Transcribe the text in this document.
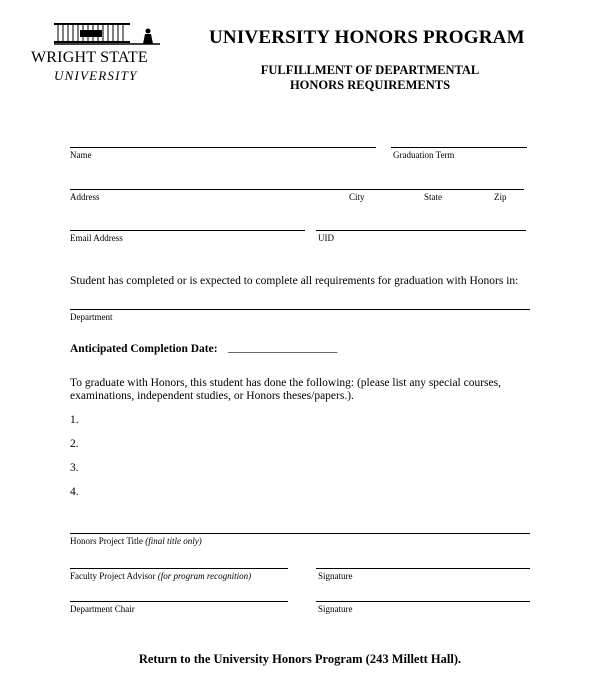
WRIGHT STATE
UNIVERSITY
UNIVERSITY HONORS PROGRAM
FULFILLMENT OF DEPARTMENTAL
HONORS REQUIREMENTS
Name	Graduation Term
Address	City	State	Zip
Email Address	UID
Student has completed or is expected to complete all requirements for graduation with Honors in:
Department
Anticipated Completion Date: ___________________
To graduate with Honors, this student has done the following: (please list any special courses,
examinations, independent studies, or Honors theses/papers.).
1.
2.
3.
4.
Honors Project Title (final title only)
Faculty Project Advisor (for program recognition)	Signature
Department Chair	Signature
Return to the University Honors Program (243 Millett Hall).
